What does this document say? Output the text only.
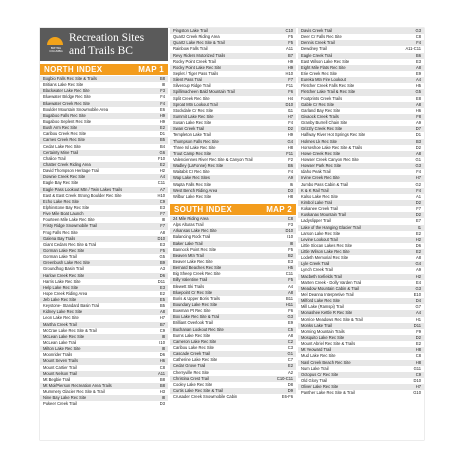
BRITISH COLUMBIA
Recreation Sites
and Trails BC
NORTH INDEX	MAP 1
Bogbio Falls Rec Site & Trails	B8
Britians Lake Rec Site	I8
Blackwater Lake Rec Site	F3
Bluewater Bridge Rec Site	F4
Bluewater Creek Rec Site	F4
Boulder Mountain Snowmobile Area	E6
Bugaboo Falls Rec Site	H9
Bugaboo Seplent Rec Site	H9
Bush Arm Rec Site	E2
Caribou Creek Rec Site	D1
Carnes Creek Rec Site	B5
Cedar Lake Rec Site	B4
Certainty Mine Trail	G6
Chalice Trail	F10
Chatter Creek Riding Area	E2
David Thompson Heritage Trail	H2
Downie Creek Rec Site	A4
Eagle Bay Rec Site	C11
Eagle Pass Lookout Mtn / Twin Lakes Trails	A7
East & East Creek Strong Boulder Rec Site	H10
Echo Lake Rec Site	C9
Elphinstone Bay Rec Site	E3
Five Mile Boat Launch	F7
Fourteen Mile Lake Rec Site	I8
Fristy Ridge Snowmobile Trail	F7
Frog Falls Rec Site	A8
Galena Bay Trails	D10
Giant Cedars Rec Site & Trail	E3
Gorman Lake Rec Site	F5
Gorman Lake Trail	G5
Greenbush Lake Rec Site	B9
Groundhog Basin Trail	A3
Harlow Creek Rec Site	D6
Harris Lake Rec Site	D11
Help Lake Rec Site	E3
Hope Creek Riding Area	E2
Jeb Lake Rec Site	E5
Keystone- Standard Basin Trail	B5
Kidney Lake Rec Site	A8
Leon Lake Rec Site	H7
Martha Creek Trail	B7
McCrae Lake Rec Site & Trail	C9
McLean Lake Rec Site	I8
McLean Lake Trail	I10
Milton Lake Rec Site	I8
Moonrider Trails	D6
Mount Seven Trails	H6
Mount Cartier Trail	C8
Mount Nelson Trail	A11
Mt Begbie Trail	B8
Mt Moi/Pierson Recreation Area Trails	B8
Mummery Glacier Rec Site & Trail	H3
Nine Bay Lake Rec Site	I8
Pukeer Creek Trail	D3
Pingston Lake Trail	C10
Quartz Creek Riding Area	F5
Quartz Lake Rec Site & Trail	F5
Rainbow Falls Trail	A11
Revy Riders Motorized Trails	B7
Rocky Point Creek Trail	H9
Rocky Point Lake Rec Site	H9
Seplet / Tiger Pass Trails	H10
Silent Pass Trail	F7
Silvercup Ridge Trail	F11
Spillimacheen Bald Mountain Trail	F6
Split Creek Rec Site	H4
Sproat Mtn Lookout Trail	D10
Stockdale Cr Rec Site	I11
Summit Lake Rec Site	H7
Susan Lake Rec Site	F4
Swan Creek Trail	D2
Templeton Lake Trail	H9
Thompson Falls Rec Site	G4
Three Isl Lake Rec Site	H8
Trout Camp Rec Site	F11
Valenciennes River Rec Site & Canyon Trail	F2
Wadley (LaFonne) Rec Site	B6
Waitabit Cr Rec Site	F4
Wap Lake Rec Sites	A9
Wapta Falls Rec Site	I6
West Bench Riding Area	D3
Wilbur Lake Rec Site	H8
SOUTH INDEX	MAP 2
24 Mile Riding Area	C8
Alps Alturas Trail	F3
Arkansas Lake Rec Site	D10
Balancing Rock Trail	I10
Baker Lake Trail	I8
Bannock Point Rec Site	F5
Beaven Mtn Trail	B2
Beaver Lake Rec Site	E3
Bernard Beaches Rec Site	H5
Big Sheep Creek Rec Site	C11
Billy Valentine Trail	F5
Blewett Ski Trails	A4
Bluepoint Cr Rec Site	A8
Boris & Upper Boris Trails	B11
Boundary Lake Rec Site	H11
Bowman Pt Rec Site	F6
Box Lake Rec Site & Trail	G3
Brilliant Overlook Trail	E9
Buchanan Lookout Rec Site	C5
Burns Lake Rec Site	A8
Cameron Lake Rec Site	C2
Caribou Lake Rec Site	C3
Cascade Creek Trail	G1
Catherine Lake Rec Site	C7
Cedar Grove Trail	E2
Cherryville Rec Site	A2
Christina Crest Trail	C10-C11
Cooley Lake Rec Site	D8
Curtis Lake Rec Site & Trail	D9
Crusader Creek Snowmobile Cabin	E6-F6
Davis Creek Trail	G3
Deer Cr Falls Rec Site	C8
Dennis Creek Trail	F4
Dewdney Trail	A11-C11
Eagle Creek Trail	B6
East Wilson Lake Rec Site	E3
Eight Mile Flats Rec Site	A8
Erie Creek Rec Site	E9
Eureka Mtn Fire Lookout	A4
Fletcher Creek Falls Rec Site	H5
Fletcher Lake Trail & Rec Site	G5
Footprints Creek Trails	E8
Gable Cr Rec Site	A8
Garland Bay Rec Site	H6
Givaock Creek Trails	F8
Granby Burrell Chain Site	A9
Grizzly Creek Rec Site	D7
Halfway River Hot Springs Rec Site	D1
Holmes Lk Rec Site	B3
Horseshoe Lake Rec Site & Trails	D2
Howe Creek Rec Site	A8
Howser Creek Canyon Rec Site	G1
Howser Park Rec Site	G3
Idaho Peak Trail	F4
Irvine Creek Rec Site	H7
Jumbo Pass Cabin & Trail	G2
K & K Rail Trail	F4
Kalso Lake Rec Site	A1
Kimbol Lake Trail	D2
Kokanee Creek Trail	F7
Kuskanax Mountain Trail	D2
Ladyslipper Trail	E7
Lake of the Hanging Glacier Trail	I1
Larson Lake Rec Site	E2
Levine Lookout Trail	H2
Little Slocan Lakes Rec Site	D6
Little Wilson Lake Rec Site	E2
Lodeth Memorial Rec Site	A8
Lyle Creek Trail	G4
Lynch Creek Trail	A9
Macbeth Icefields Trail	H2
Marten Creek - Dolly Varden Trail	E4
Meadow Mountain Cabin & Trail	G3
Mel Deanna Interpretive Trail	E10
Milford Lake Rec Site	D4
Mill Lake (Ramspi) Trail	G7
Monashee Kettle R Rec Site	A4
Morrice Meadows Rec Site & Trail	H1
Monks Lake Trail	D11
Morning Mountain Trails	F9
Mosquito Lake Rec Site	D2
Mount Abriel Rec Site & Trails	E2
Mt Yeoward Trail	H8
Mud Lake Rec Site	C8
Nasl Creek Beach Rec Site	H8
Num Lake Trail	G11
Octopus Cr Rec Site	C9
Old Glory Trail	D10
Oliver Lake Rec Site	H7
Panther Lake Rec Site & Trail	G10
